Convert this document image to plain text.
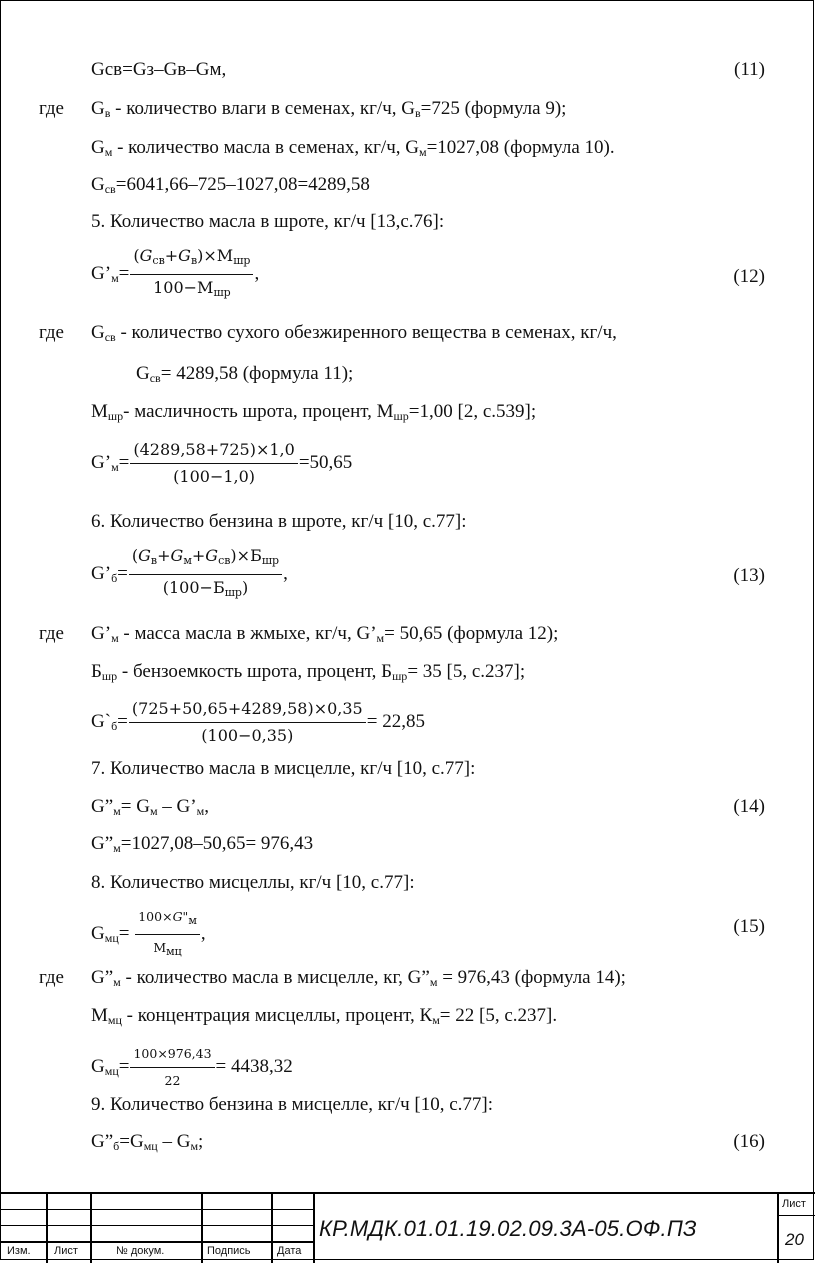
Gсв=Gз–Gв–Gм,	(11)
где $G_в$ - количество влаги в семенах, кг/ч, $G_в=725$ (формула 9);
$G_м$ - количество масла в семенах, кг/ч, $G_м=1027,08$ (формула 10).
$G_{св}=6041,66-725-1027,08=4289,58$
5. Количество масла в шроте, кг/ч [13,с.76]:
$G’_м= \frac{(G_{св}+G_в)\times М_{шр}}{100-М_{шр}}$ ,	(12)
где $G_{св}$ - количество сухого обезжиренного вещества в семенах, кг/ч,
$G_{св}= 4289,58$ (формула 11);
$М_{шр}-$ масличность шрота, процент, $М_{шр}=1,00$ [2, с.539];
$G’_м= \frac{(4289,58+725)\times 1,0}{(100-1,0)} =50,65$
6. Количество бензина в шроте, кг/ч [10, с.77]:
$G’_б= \frac{(G_в+G_м+G_{св})\times Б_{шр}}{(100-Б_{шр})}$ ,	(13)
где $G’_м$ - масса масла в жмыхе, кг/ч, $G’_м= 50,65$ (формула 12);
$Б_{шр}$ - бензоемкость шрота, процент, $Б_{шр}= 35$ [5, с.237];
$G`_б= \frac{(725+50,65+4289,58)\times 0,35}{(100-0,35)} = 22,85$
7. Количество масла в мисцелле, кг/ч [10, с.77]:
$G”_м= G_м$ – $G’_м$,	(14)
$G”_м=1027,08-50,65= 976,43$
8. Количество мисцеллы, кг/ч [10, с.77]:
$G_{мц}= \frac{100\times G"_м}{М_{мц}}$ ,	(15)
где $G”_м$ - количество масла в мисцелле, кг, $G”_м = 976,43$ (формула 14);
$М_{мц}$ - концентрация мисцеллы, процент, $К_м= 22$ [5, с.237].
$G_{мц}= \frac{100\times 976,43}{22} = 4438,32$
9. Количество бензина в мисцелле, кг/ч [10, с.77]:
$G”_б=G_{мц} - G_м$;	(16)
Изм. Лист	№ докум.	Подпись Дата
КР.МДК.01.01.19.02.09.3А-05.ОФ.ПЗ
Лист
20
